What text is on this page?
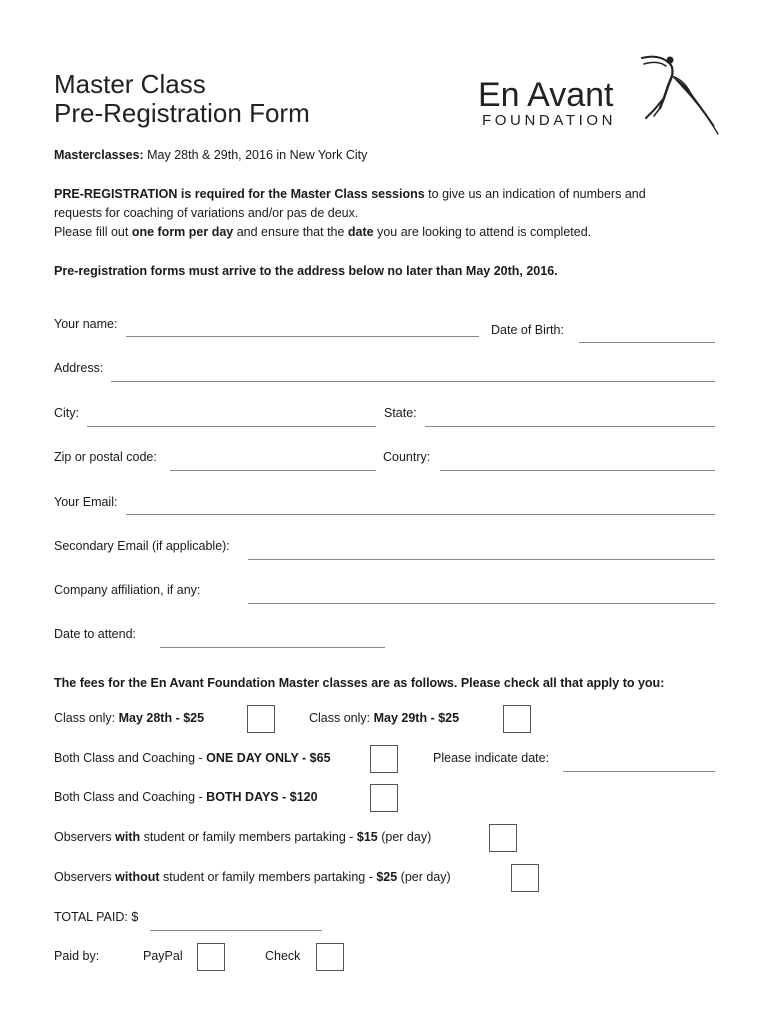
Master Class
Pre-Registration Form	En Avant
FOUNDATION

Masterclasses: May 28th & 29th, 2016 in New York City

PRE-REGISTRATION is required for the Master Class sessions to give us an indication of numbers and
requests for coaching of variations and/or pas de deux.
Please fill out one form per day and ensure that the date you are looking to attend is completed.

Pre-registration forms must arrive to the address below no later than May 20th, 2016.

Your name:	Date of Birth:
Address:
City:	State:
Zip or postal code:	Country:
Your Email:
Secondary Email (if applicable):
Company affiliation, if any:
Date to attend:

The fees for the En Avant Foundation Master classes are as follows. Please check all that apply to you:

Class only: May 28th - $25	Class only: May 29th - $25
Both Class and Coaching - ONE DAY ONLY - $65	Please indicate date:
Both Class and Coaching - BOTH DAYS - $120
Observers with student or family members partaking - $15 (per day)
Observers without student or family members partaking - $25 (per day)
TOTAL PAID: $
Paid by:	PayPal	Check
